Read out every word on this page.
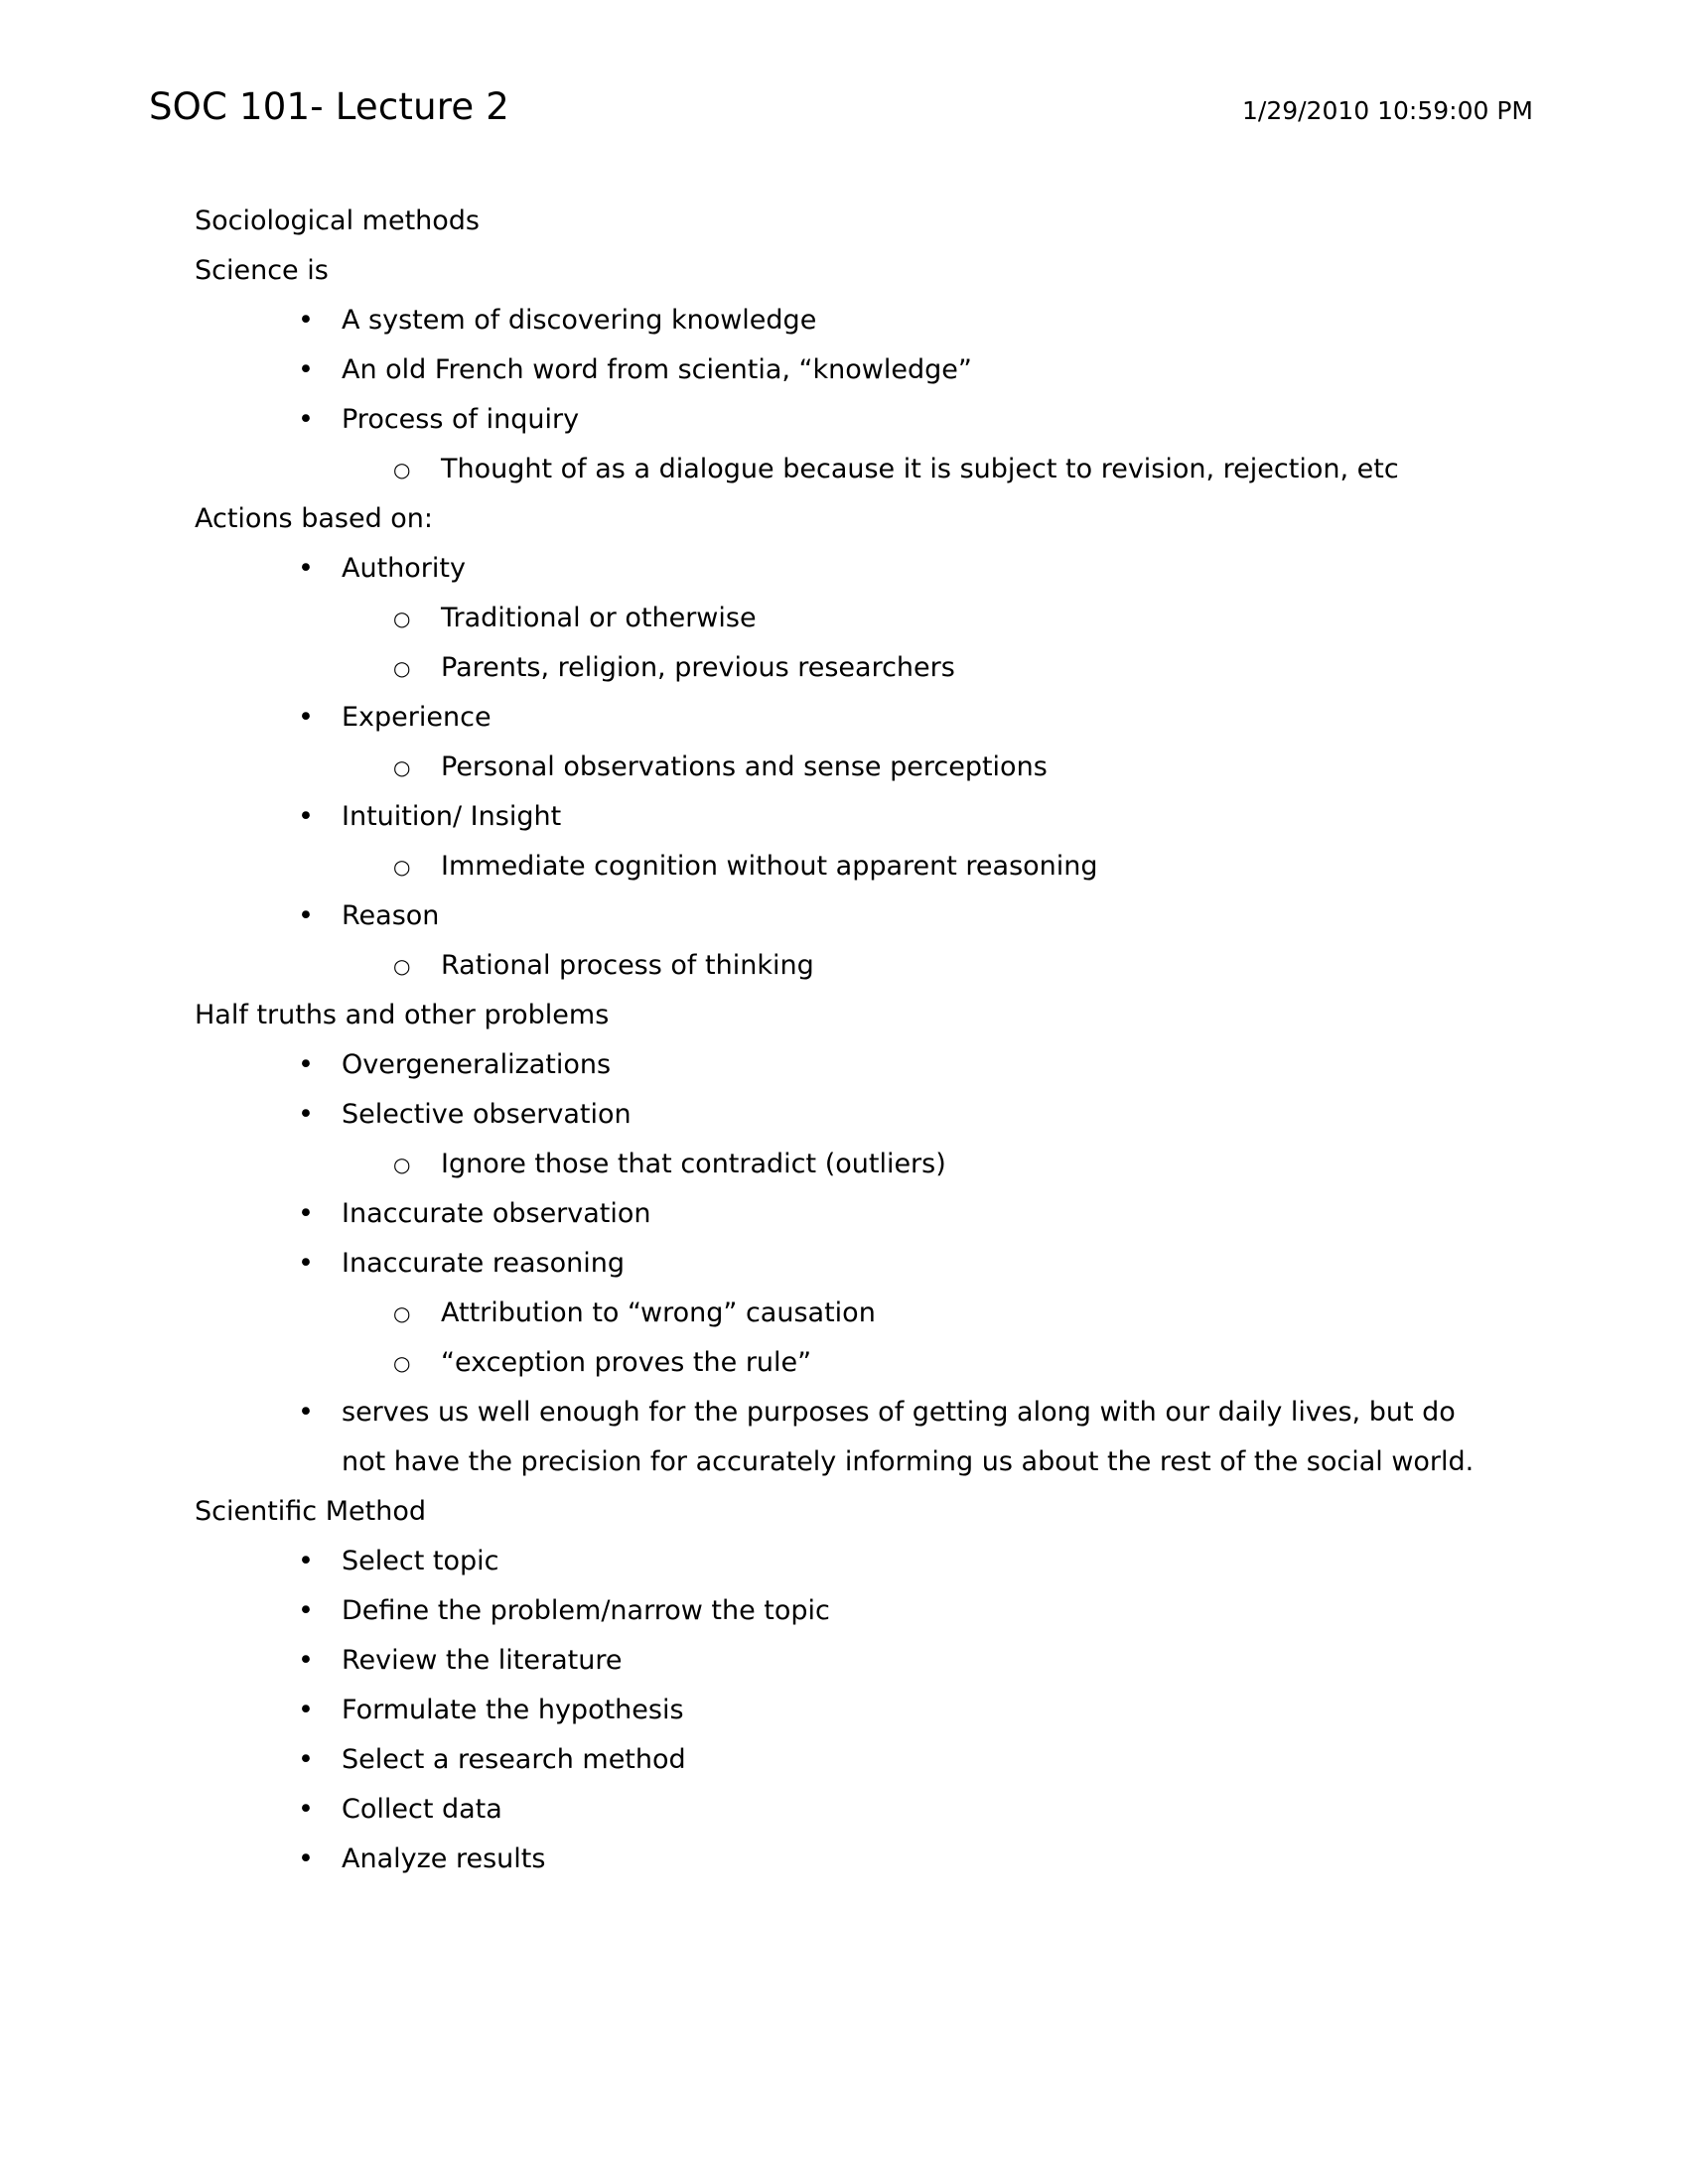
SOC 101- Lecture 2	1/29/2010 10:59:00 PM
Sociological methods
Science is
•	A system of discovering knowledge
•	An old French word from scientia, “knowledge”
•	Process of inquiry
○	Thought of as a dialogue because it is subject to revision, rejection, etc
Actions based on:
•	Authority
○	Traditional or otherwise
○	Parents, religion, previous researchers
•	Experience
○	Personal observations and sense perceptions
•	Intuition/ Insight
○	Immediate cognition without apparent reasoning
•	Reason
○	Rational process of thinking
Half truths and other problems
•	Overgeneralizations
•	Selective observation
○	Ignore those that contradict (outliers)
•	Inaccurate observation
•	Inaccurate reasoning
○	Attribution to “wrong” causation
○	“exception proves the rule”
•	serves us well enough for the purposes of getting along with our daily lives, but do not have the precision for accurately informing us about the rest of the social world.
Scientific Method
•	Select topic
•	Define the problem/narrow the topic
•	Review the literature
•	Formulate the hypothesis
•	Select a research method
•	Collect data
•	Analyze results
